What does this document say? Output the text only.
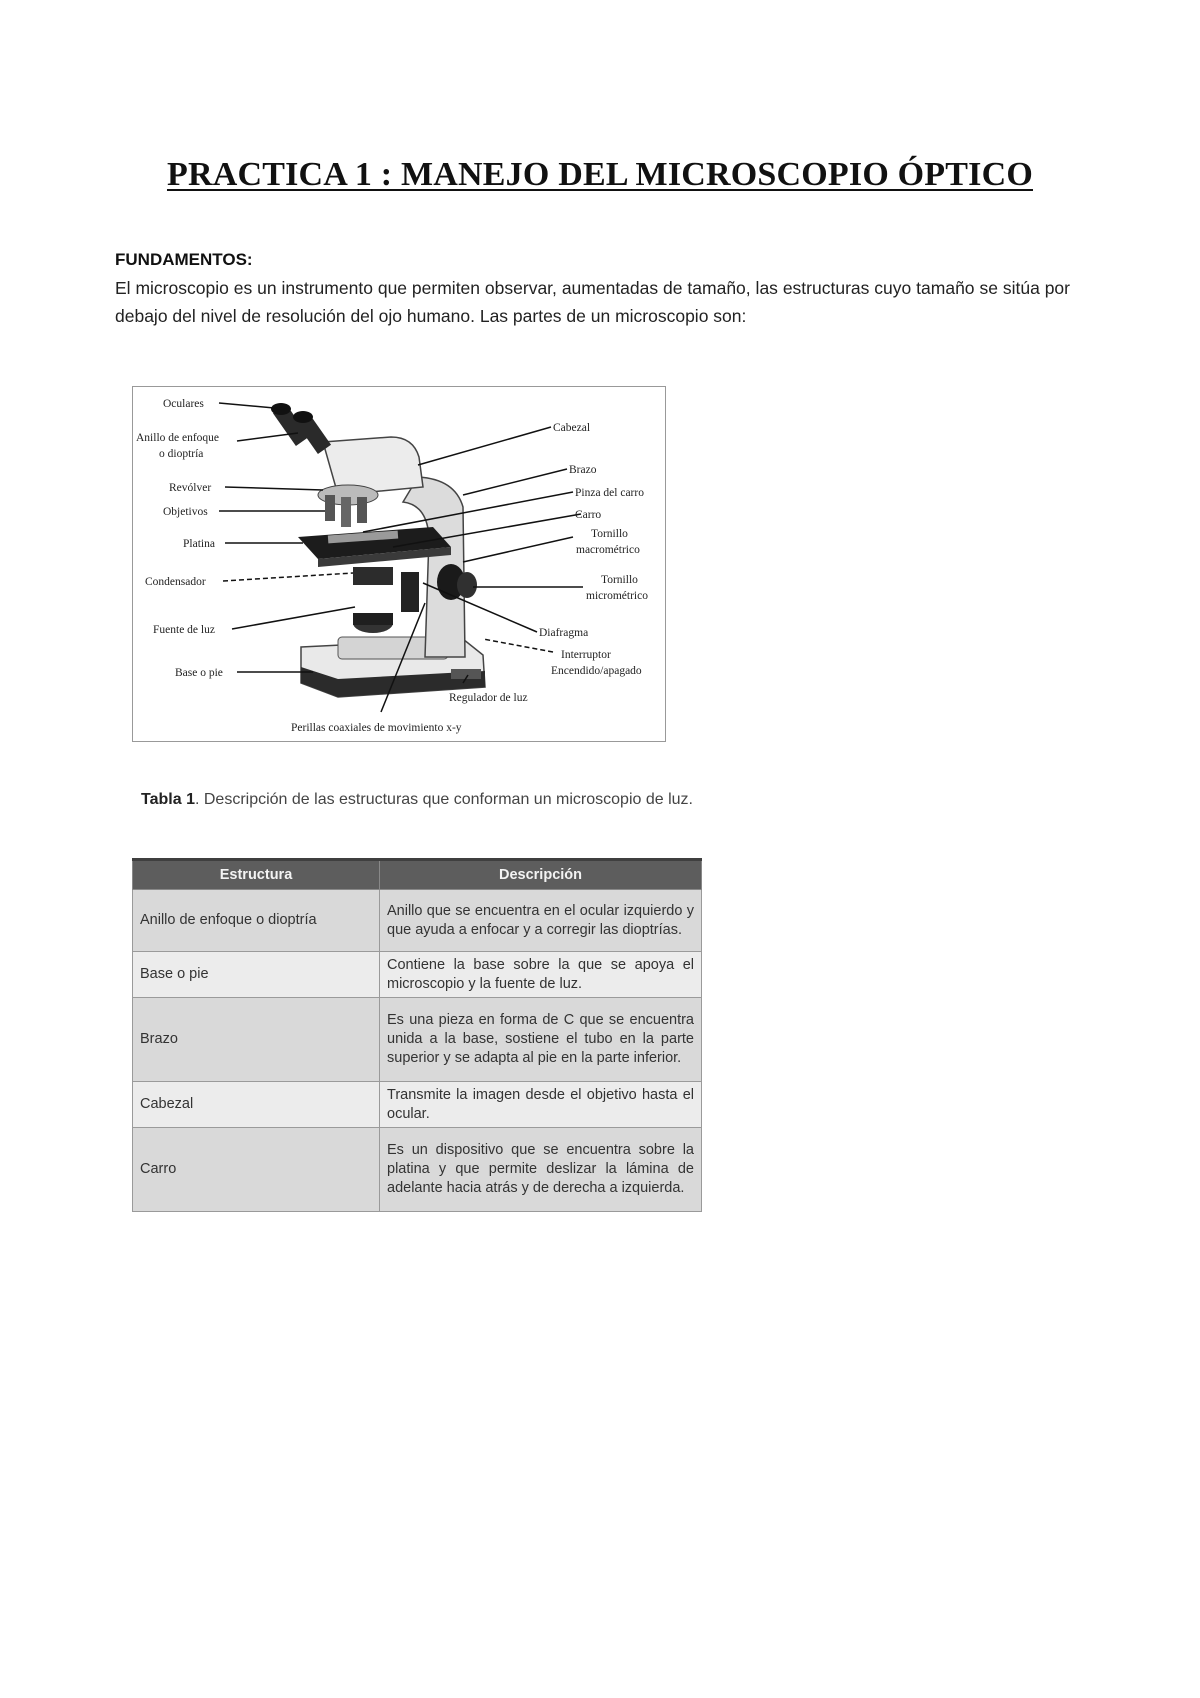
PRACTICA 1 : MANEJO DEL MICROSCOPIO ÓPTICO

FUNDAMENTOS:

El microscopio es un instrumento que permiten observar, aumentadas de tamaño, las estructuras cuyo tamaño se sitúa por debajo del nivel de resolución del ojo humano. Las partes de un microscopio son:

Oculares
Anillo de enfoque
o dioptría
Revólver
Objetivos
Platina
Condensador
Fuente de luz
Base o pie
Perillas coaxiales de movimiento x-y
Cabezal
Brazo
Pinza del carro
Carro
Tornillo
macrométrico
Tornillo
micrométrico
Diafragma
Interruptor
Encendido/apagado
Regulador de luz

Tabla 1. Descripción de las estructuras que conforman un microscopio de luz.

Estructura	Descripción
Anillo de enfoque o dioptría	Anillo que se encuentra en el ocular izquierdo y que ayuda a enfocar y a corregir las dioptrías.
Base o pie	Contiene la base sobre la que se apoya el microscopio y la fuente de luz.
Brazo	Es una pieza en forma de C que se encuentra unida a la base, sostiene el tubo en la parte superior y se adapta al pie en la parte inferior.
Cabezal	Transmite la imagen desde el objetivo hasta el ocular.
Carro	Es un dispositivo que se encuentra sobre la platina y que permite deslizar la lámina de adelante hacia atrás y de derecha a izquierda.
